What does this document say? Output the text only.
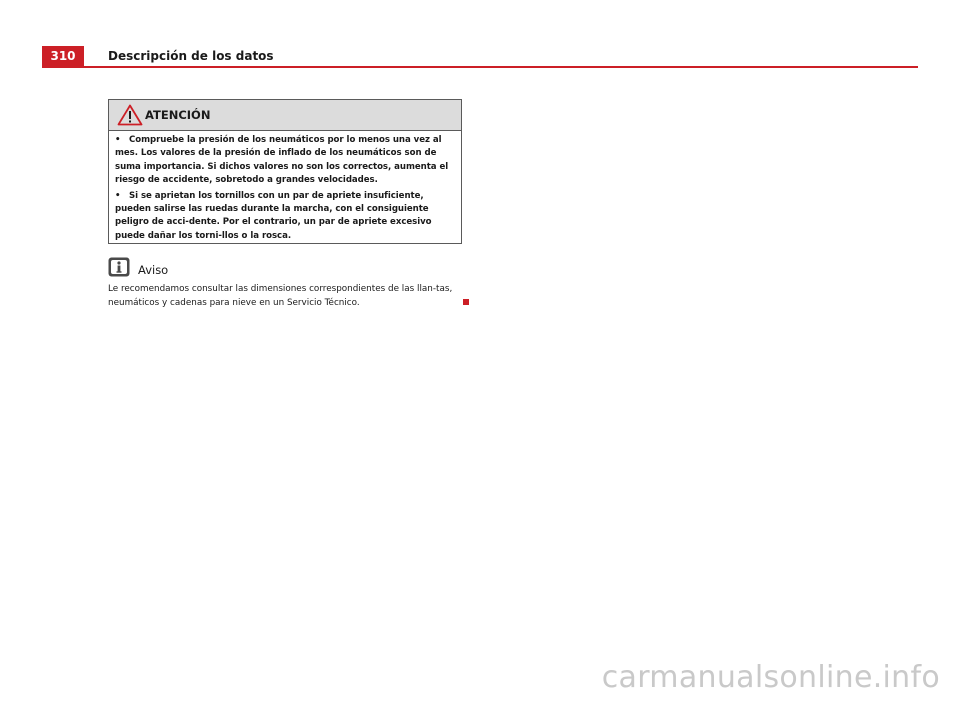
310	Descripción de los datos
ATENCIÓN

• Compruebe la presión de los neumáticos por lo menos una vez al mes. Los valores de la presión de inflado de los neumáticos son de suma importancia. Si dichos valores no son los correctos, aumenta el riesgo de accidente, sobretodo a grandes velocidades.

• Si se aprietan los tornillos con un par de apriete insuficiente, pueden salirse las ruedas durante la marcha, con el consiguiente peligro de acci-dente. Por el contrario, un par de apriete excesivo puede dañar los torni-llos o la rosca.

Aviso
Le recomendamos consultar las dimensiones correspondientes de las llan-tas, neumáticos y cadenas para nieve en un Servicio Técnico.
carmanualsonline.info
